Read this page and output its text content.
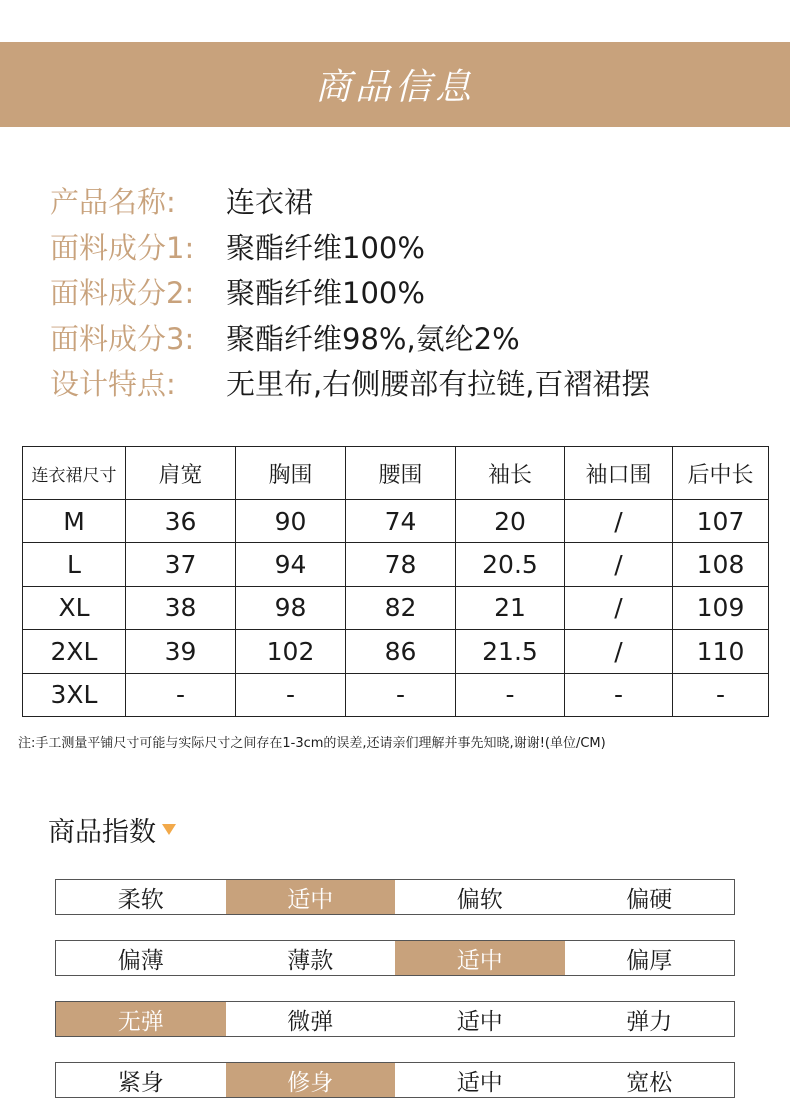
商品信息
产品名称:	连衣裙
面料成分1:	聚酯纤维100%
面料成分2:	聚酯纤维100%
面料成分3:	聚酯纤维98%,氨纶2%
设计特点:	无里布,右侧腰部有拉链,百褶裙摆
连衣裙尺寸	肩宽	胸围	腰围	袖长	袖口围	后中长
M	36	90	74	20	/	107
L	37	94	78	20.5	/	108
XL	38	98	82	21	/	109
2XL	39	102	86	21.5	/	110
3XL	-	-	-	-	-	-
注:手工测量平铺尺寸可能与实际尺寸之间存在1-3cm的误差,还请亲们理解并事先知晓,谢谢!(单位/CM)
商品指数
柔软	适中	偏软	偏硬
偏薄	薄款	适中	偏厚
无弹	微弹	适中	弹力
紧身	修身	适中	宽松
